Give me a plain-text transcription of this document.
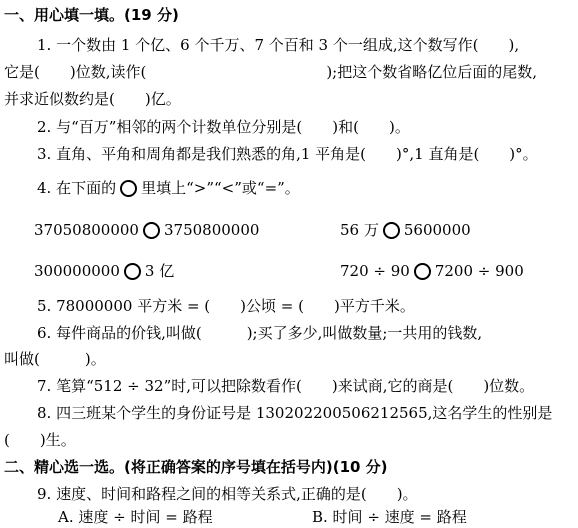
一、用心填一填。(19 分)
1. 一个数由 1 个亿、6 个千万、7 个百和 3 个一组成,这个数写作(　　),
它是(　　)位数,读作(　　　　　　　　　　　　);把这个数省略亿位后面的尾数,
并求近似数约是(　　)亿。
2. 与“百万”相邻的两个计数单位分别是(　　)和(　　)。
3. 直角、平角和周角都是我们熟悉的角,1 平角是(　　)°,1 直角是(　　)°。
4. 在下面的 里填上“>”“<”或“=”。
37050800000 3750800000	56 万 5600000
300000000 3 亿	720 ÷ 90 7200 ÷ 900
5. 78000000 平方米 = (　　)公顷 = (　　)平方千米。
6. 每件商品的价钱,叫做(　　　);买了多少,叫做数量;一共用的钱数,
叫做(　　　)。
7. 笔算“512 ÷ 32”时,可以把除数看作(　　)来试商,它的商是(　　)位数。
8. 四三班某个学生的身份证号是 130202200506212565,这名学生的性别是
(　　)生。
二、精心选一选。(将正确答案的序号填在括号内)(10 分)
9. 速度、时间和路程之间的相等关系式,正确的是(　　)。
A. 速度 ÷ 时间 = 路程	B. 时间 ÷ 速度 = 路程
